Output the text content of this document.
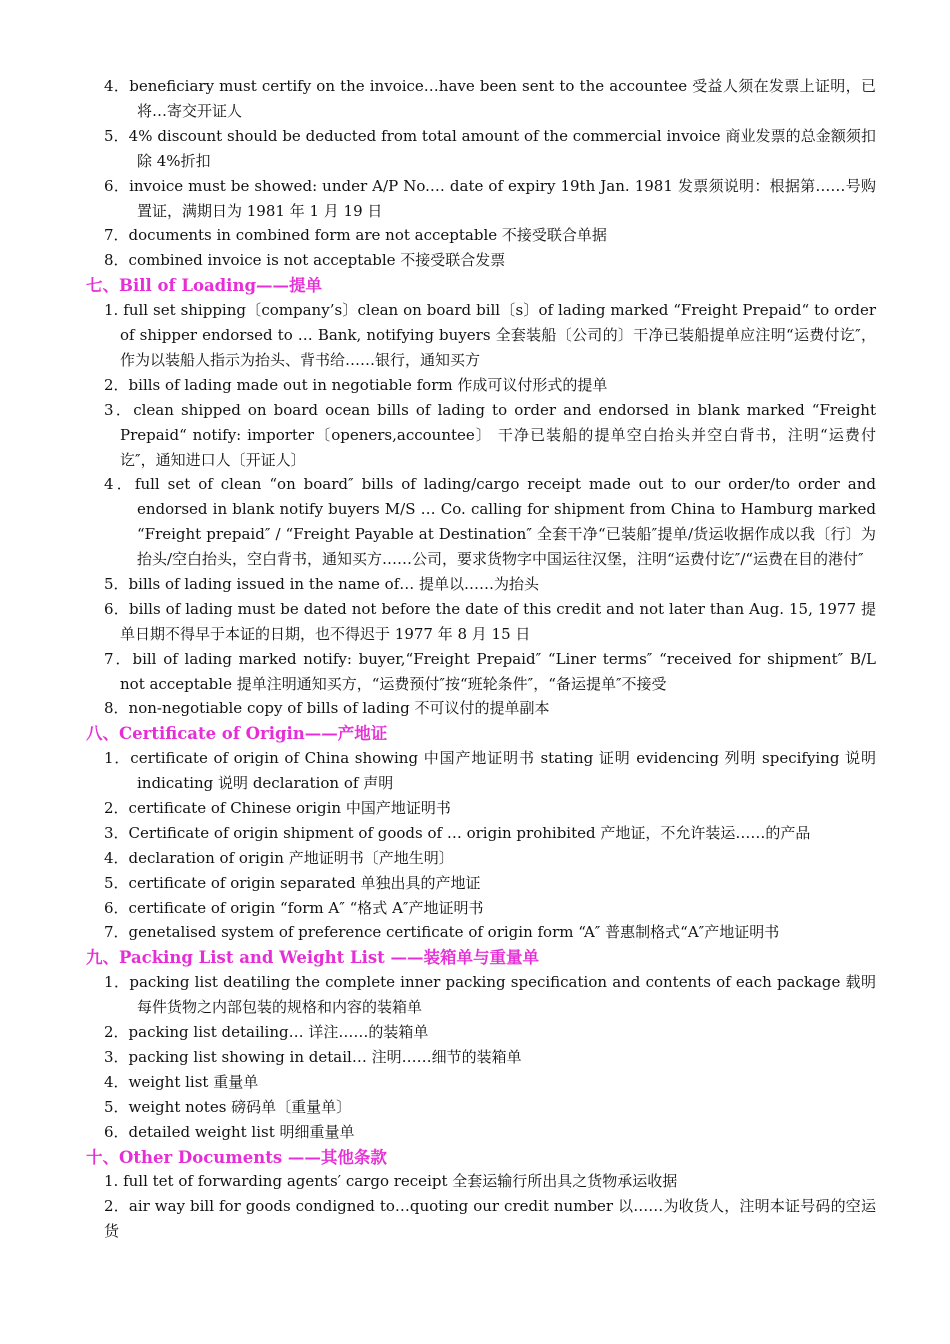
4．beneficiary must certify on the invoice…have been sent to the accountee 受益人须在发票上证明，已将…寄交开证人

5．4% discount should be deducted from total amount of the commercial invoice 商业发票的总金额须扣除 4%折扣

6．invoice must be showed: under A/P No.… date of expiry 19th Jan. 1981 发票须说明：根据第……号购置证，满期日为 1981 年 1 月 19 日

7．documents in combined form are not acceptable 不接受联合单据

8．combined invoice is not acceptable 不接受联合发票

七、Bill of Loading——提单

1. full set shipping〔company’s〕clean on board bill〔s〕of lading marked “Freight Prepaid“ to order of shipper endorsed to … Bank, notifying buyers 全套装船〔公司的〕干净已装船提单应注明“运费付讫″，作为以装船人指示为抬头、背书给……银行，通知买方

2．bills of lading made out in negotiable form 作成可议付形式的提单

3．clean shipped on board ocean bills of lading to order and endorsed in blank marked “Freight Prepaid“ notify: importer〔openers,accountee〕 干净已装船的提单空白抬头并空白背书，注明“运费付讫″，通知进口人〔开证人〕

4．full set of clean “on board″ bills of lading/cargo receipt made out to our order/to order and endorsed in blank notify buyers M/S … Co. calling for shipment from China to Hamburg marked “Freight prepaid″ / “Freight Payable at Destination″ 全套干净“已装船″提单/货运收据作成以我〔行〕为抬头/空白抬头，空白背书，通知买方……公司，要求货物字中国运往汉堡，注明“运费付讫″/“运费在目的港付″

5．bills of lading issued in the name of… 提单以……为抬头

6．bills of lading must be dated not before the date of this credit and not later than Aug. 15, 1977 提单日期不得早于本证的日期，也不得迟于 1977 年 8 月 15 日

7．bill of lading marked notify: buyer,“Freight Prepaid″ “Liner terms″ “received for shipment″ B/L not acceptable 提单注明通知买方，“运费预付″按“班轮条件″，“备运提单″不接受

8．non-negotiable copy of bills of lading 不可议付的提单副本

八、Certificate of Origin——产地证

1．certificate of origin of China showing 中国产地证明书 stating 证明 evidencing 列明 specifying 说明 indicating 说明 declaration of 声明

2．certificate of Chinese origin 中国产地证明书

3．Certificate of origin shipment of goods of … origin prohibited 产地证，不允许装运……的产品

4．declaration of origin 产地证明书〔产地生明〕

5．certificate of origin separated 单独出具的产地证

6．certificate of origin “form A″ “格式 A″产地证明书

7．genetalised system of preference certificate of origin form “A″ 普惠制格式“A″产地证明书

九、Packing List and Weight List ——装箱单与重量单

1．packing list deatiling the complete inner packing specification and contents of each package 载明每件货物之内部包装的规格和内容的装箱单

2．packing list detailing… 详注……的装箱单

3．packing list showing in detail… 注明……细节的装箱单

4．weight list 重量单

5．weight notes 磅码单〔重量单〕

6．detailed weight list 明细重量单

十、Other Documents ——其他条款

1. full tet of forwarding agents′ cargo receipt 全套运输行所出具之货物承运收据

2．air way bill for goods condigned to…quoting our credit number 以……为收货人，注明本证号码的空运货
